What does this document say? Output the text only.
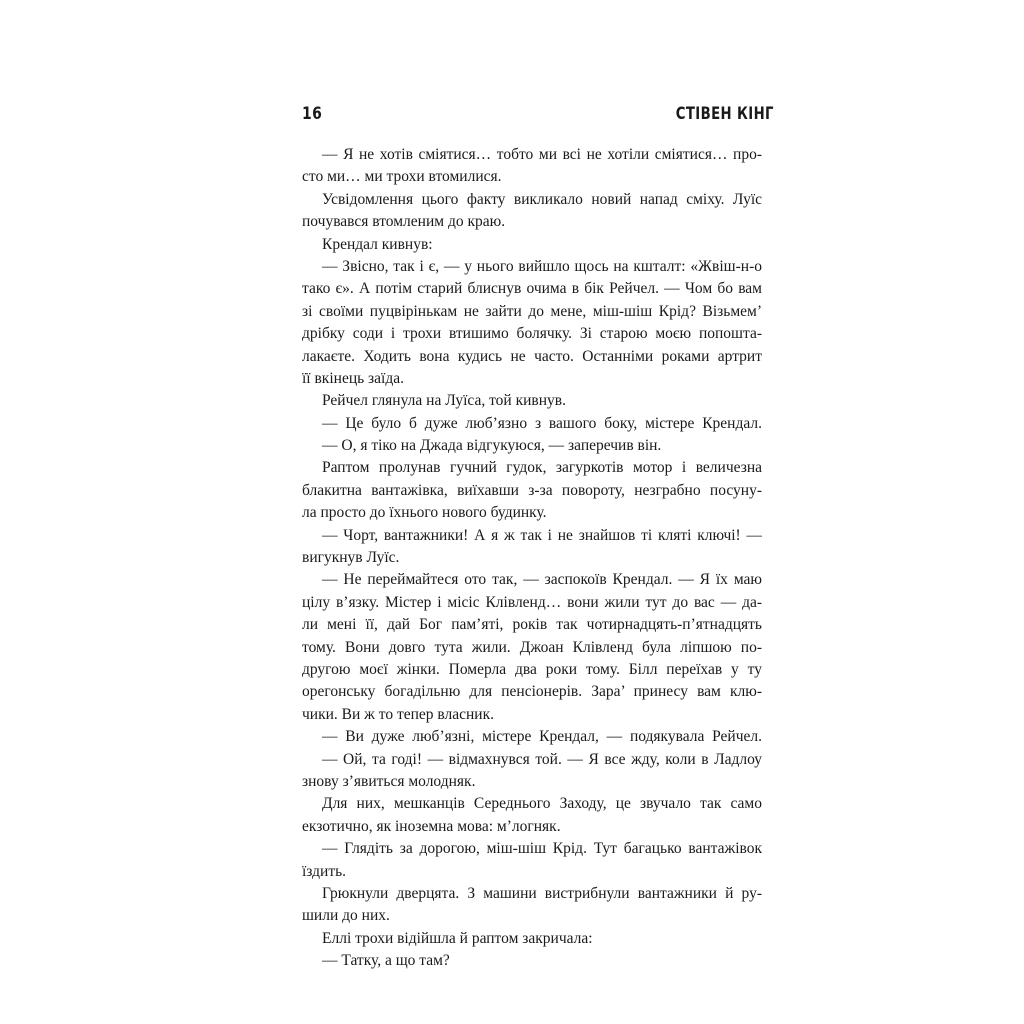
16	СТІВЕН КІНГ
— Я не хотів сміятися… тобто ми всі не хотіли сміятися… про-
сто ми… ми трохи втомилися.
Усвідомлення цього факту викликало новий напад сміху. Луїс
почувався втомленим до краю.
Крендал кивнув:
— Звісно, так і є, — у нього вийшло щось на кшталт: «Жвіш-н-о
тако є». А потім старий блиснув очима в бік Рейчел. — Чом бо вам
зі своїми пуцвірінькам не зайти до мене, міш-шіш Крід? Візьмем’
дрібку соди і трохи втишимо болячку. Зі старою моєю попошта-
лакаєте. Ходить вона кудись не часто. Останніми роками артрит
її вкінець заїда.
Рейчел глянула на Луїса, той кивнув.
— Це було б дуже люб’язно з вашого боку, містере Крендал.
— О, я тіко на Джада відгукуюся, — заперечив він.
Раптом пролунав гучний гудок, загуркотів мотор і величезна
блакитна вантажівка, виїхавши з-за повороту, незграбно посуну-
ла просто до їхнього нового будинку.
— Чорт, вантажники! А я ж так і не знайшов ті кляті ключі! —
вигукнув Луїс.
— Не переймайтеся ото так, — заспокоїв Крендал. — Я їх маю
цілу в’язку. Містер і місіс Клівленд… вони жили тут до вас — да-
ли мені її, дай Бог пам’яті, років так чотирнадцять-п’ятнадцять
тому. Вони довго тута жили. Джоан Клівленд була ліпшою по-
другою моєї жінки. Померла два роки тому. Білл переїхав у ту
орегонську богадільню для пенсіонерів. Зара’ принесу вам клю-
чики. Ви ж то тепер власник.
— Ви дуже люб’язні, містере Крендал, — подякувала Рейчел.
— Ой, та годі! — відмахнувся той. — Я все жду, коли в Ладлоу
знову з’явиться молодняк.
Для них, мешканців Середнього Заходу, це звучало так само
екзотично, як іноземна мова: м’логняк.
— Глядіть за дорогою, міш-шіш Крід. Тут багацько вантажівок
їздить.
Грюкнули дверцята. З машини вистрибнули вантажники й ру-
шили до них.
Еллі трохи відійшла й раптом закричала:
— Татку, а що там?
